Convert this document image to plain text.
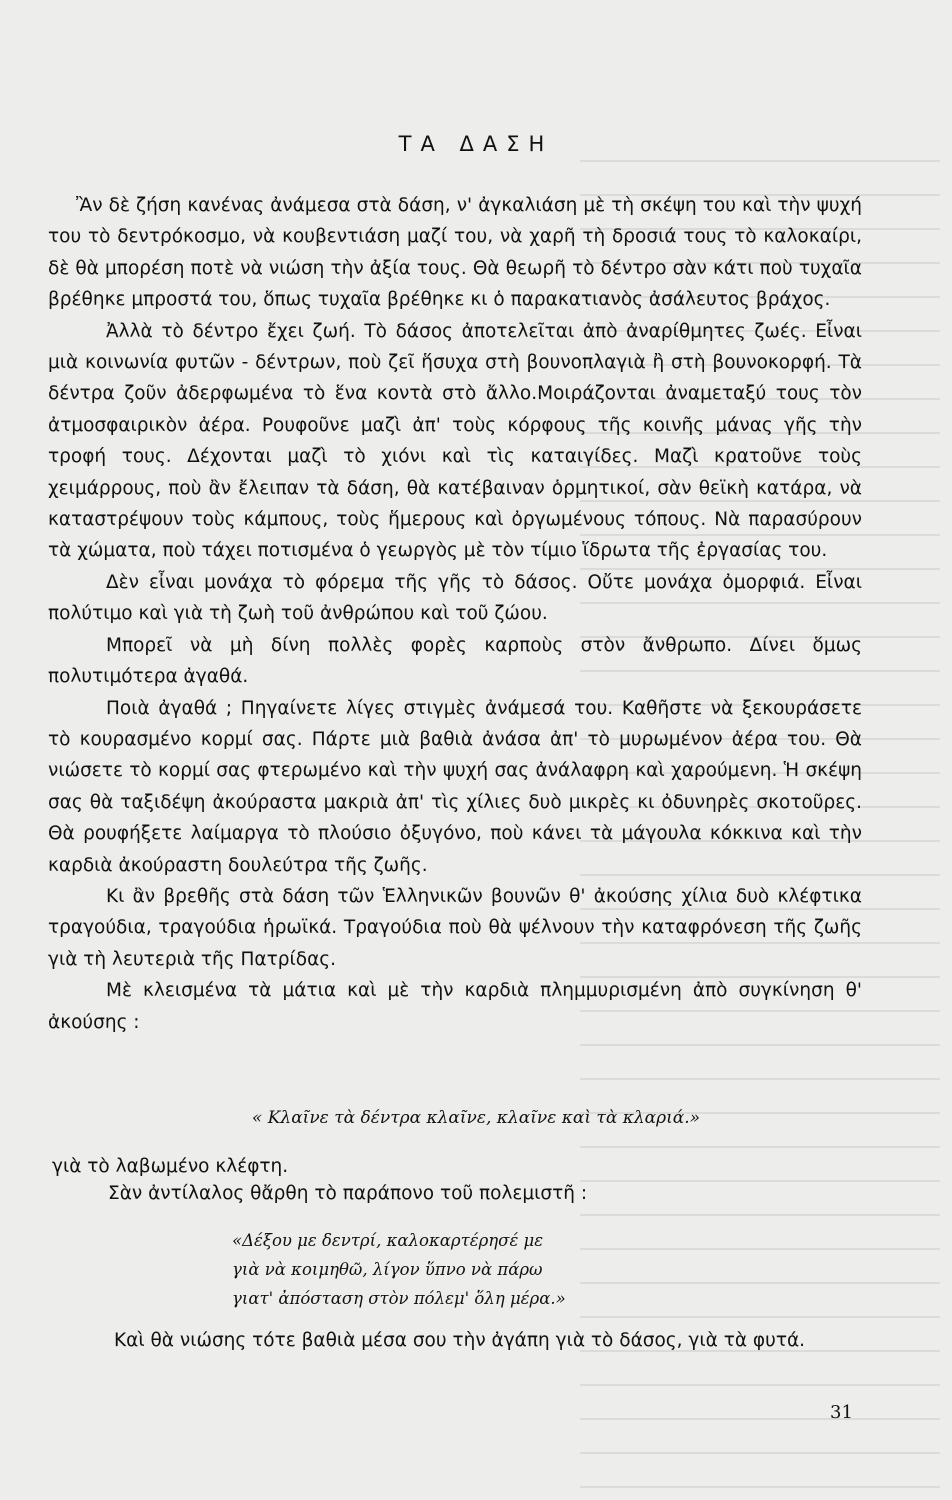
ΤΑ ΔΑΣΗ

Ἂν δὲ ζήση κανένας ἀνάμεσα στὰ δάση, ν' ἀγκαλιάση μὲ τὴ σκέψη του καὶ τὴν ψυχή του τὸ δεντρόκοσμο, νὰ κουβεντιάση μαζί του, νὰ χαρῆ τὴ δροσιά τους τὸ καλοκαίρι, δὲ θὰ μπορέση ποτὲ νὰ νιώση τὴν ἀξία τους. Θὰ θεωρῆ τὸ δέντρο σὰν κάτι ποὺ τυχαῖα βρέθηκε μπροστά του, ὅπως τυχαῖα βρέθηκε κι ὁ παρακατιανὸς ἀσάλευτος βράχος.

Ἀλλὰ τὸ δέντρο ἔχει ζωή. Τὸ δάσος ἀποτελεῖται ἀπὸ ἀναρίθμητες ζωές. Εἶναι μιὰ κοινωνία φυτῶν - δέντρων, ποὺ ζεῖ ἥσυχα στὴ βουνοπλαγιὰ ἢ στὴ βουνοκορφή. Τὰ δέντρα ζοῦν ἀδερφωμένα τὸ ἕνα κοντὰ στὸ ἄλλο.Μοιράζονται ἀναμεταξύ τους τὸν ἀτμοσφαιρικὸν ἀέρα. Ρουφοῦνε μαζὶ ἀπ' τοὺς κόρφους τῆς κοινῆς μάνας γῆς τὴν τροφή τους. Δέχονται μαζὶ τὸ χιόνι καὶ τὶς καταιγίδες. Μαζὶ κρατοῦνε τοὺς χειμάρρους, ποὺ ἂν ἔλειπαν τὰ δάση, θὰ κατέβαιναν ὁρμητικοί, σὰν θεϊκὴ κατάρα, νὰ καταστρέψουν τοὺς κάμπους, τοὺς ἥμερους καὶ ὀργωμένους τόπους. Νὰ παρασύρουν τὰ χώματα, ποὺ τάχει ποτισμένα ὁ γεωργὸς μὲ τὸν τίμιο ἵδρωτα τῆς ἐργασίας του.

Δὲν εἶναι μονάχα τὸ φόρεμα τῆς γῆς τὸ δάσος. Οὔτε μονάχα ὀμορφιά. Εἶναι πολύτιμο καὶ γιὰ τὴ ζωὴ τοῦ ἀνθρώπου καὶ τοῦ ζώου.

Μπορεῖ νὰ μὴ δίνη πολλὲς φορὲς καρποὺς στὸν ἄνθρωπο. Δίνει ὅμως πολυτιμότερα ἀγαθά.

Ποιὰ ἀγαθά ; Πηγαίνετε λίγες στιγμὲς ἀνάμεσά του. Καθῆστε νὰ ξεκουράσετε τὸ κουρασμένο κορμί σας. Πάρτε μιὰ βαθιὰ ἀνάσα ἀπ' τὸ μυρωμένον ἀέρα του. Θὰ νιώσετε τὸ κορμί σας φτερωμένο καὶ τὴν ψυχή σας ἀνάλαφρη καὶ χαρούμενη. Ἡ σκέψη σας θὰ ταξιδέψη ἀκούραστα μακριὰ ἀπ' τὶς χίλιες δυὸ μικρὲς κι ὀδυνηρὲς σκοτοῦρες. Θὰ ρουφήξετε λαίμαργα τὸ πλούσιο ὀξυγόνο, ποὺ κάνει τὰ μάγουλα κόκκινα καὶ τὴν καρδιὰ ἀκούραστη δουλεύτρα τῆς ζωῆς.

Κι ἂν βρεθῆς στὰ δάση τῶν Ἑλληνικῶν βουνῶν θ' ἀκούσης χίλια δυὸ κλέφτικα τραγούδια, τραγούδια ἡρωϊκά. Τραγούδια ποὺ θὰ ψέλνουν τὴν καταφρόνεση τῆς ζωῆς γιὰ τὴ λευτεριὰ τῆς Πατρίδας.

Μὲ κλεισμένα τὰ μάτια καὶ μὲ τὴν καρδιὰ πλημμυρισμένη ἀπὸ συγκίνηση θ' ἀκούσης :

« Κλαῖνε τὰ δέντρα κλαῖνε, κλαῖνε καὶ τὰ κλαριά.»
γιὰ τὸ λαβωμένο κλέφτη.
Σὰν ἀντίλαλος θἄρθη τὸ παράπονο τοῦ πολεμιστῆ :
«Δέξου με δεντρί, καλοκαρτέρησέ με
γιὰ νὰ κοιμηθῶ, λίγον ὕπνο νὰ πάρω
γιατ' ἀπόσταση στὸν πόλεμ' ὅλη μέρα.»

Καὶ θὰ νιώσης τότε βαθιὰ μέσα σου τὴν ἀγάπη γιὰ τὸ δάσος, γιὰ τὰ φυτά.

31
